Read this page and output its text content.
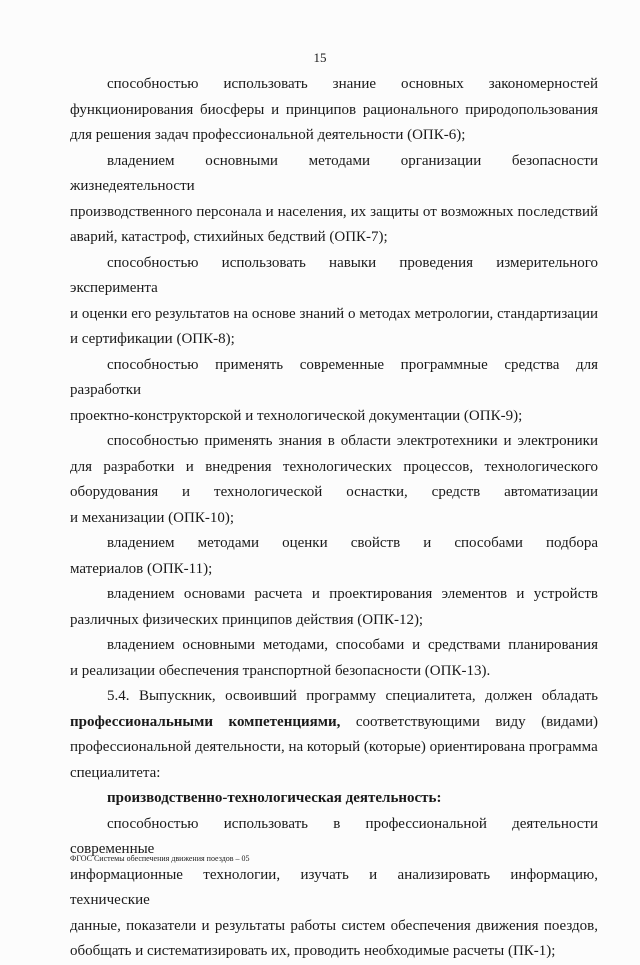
15

способностью использовать знание основных закономерностей
функционирования биосферы и принципов рационального природопользования
для решения задач профессиональной деятельности (ОПК-6);

владением основными методами организации безопасности жизнедеятельности
производственного персонала и населения, их защиты от возможных последствий
аварий, катастроф, стихийных бедствий (ОПК-7);

способностью использовать навыки проведения измерительного эксперимента
и оценки его результатов на основе знаний о методах метрологии, стандартизации
и сертификации (ОПК-8);

способностью применять современные программные средства для разработки
проектно-конструкторской и технологической документации (ОПК-9);

способностью применять знания в области электротехники и электроники
для разработки и внедрения технологических процессов, технологического
оборудования и технологической оснастки, средств автоматизации
и механизации (ОПК-10);

владением методами оценки свойств и способами подбора
материалов (ОПК-11);

владением основами расчета и проектирования элементов и устройств
различных физических принципов действия (ОПК-12);

владением основными методами, способами и средствами планирования
и реализации обеспечения транспортной безопасности (ОПК-13).

5.4. Выпускник, освоивший программу специалитета, должен обладать
профессиональными компетенциями, соответствующими виду (видами)
профессиональной деятельности, на который (которые) ориентирована программа
специалитета:

производственно-технологическая деятельность:

способностью использовать в профессиональной деятельности современные
информационные технологии, изучать и анализировать информацию, технические
данные, показатели и результаты работы систем обеспечения движения поездов,
обобщать и систематизировать их, проводить необходимые расчеты (ПК-1);

ФГОС Системы обеспечения движения поездов – 05
